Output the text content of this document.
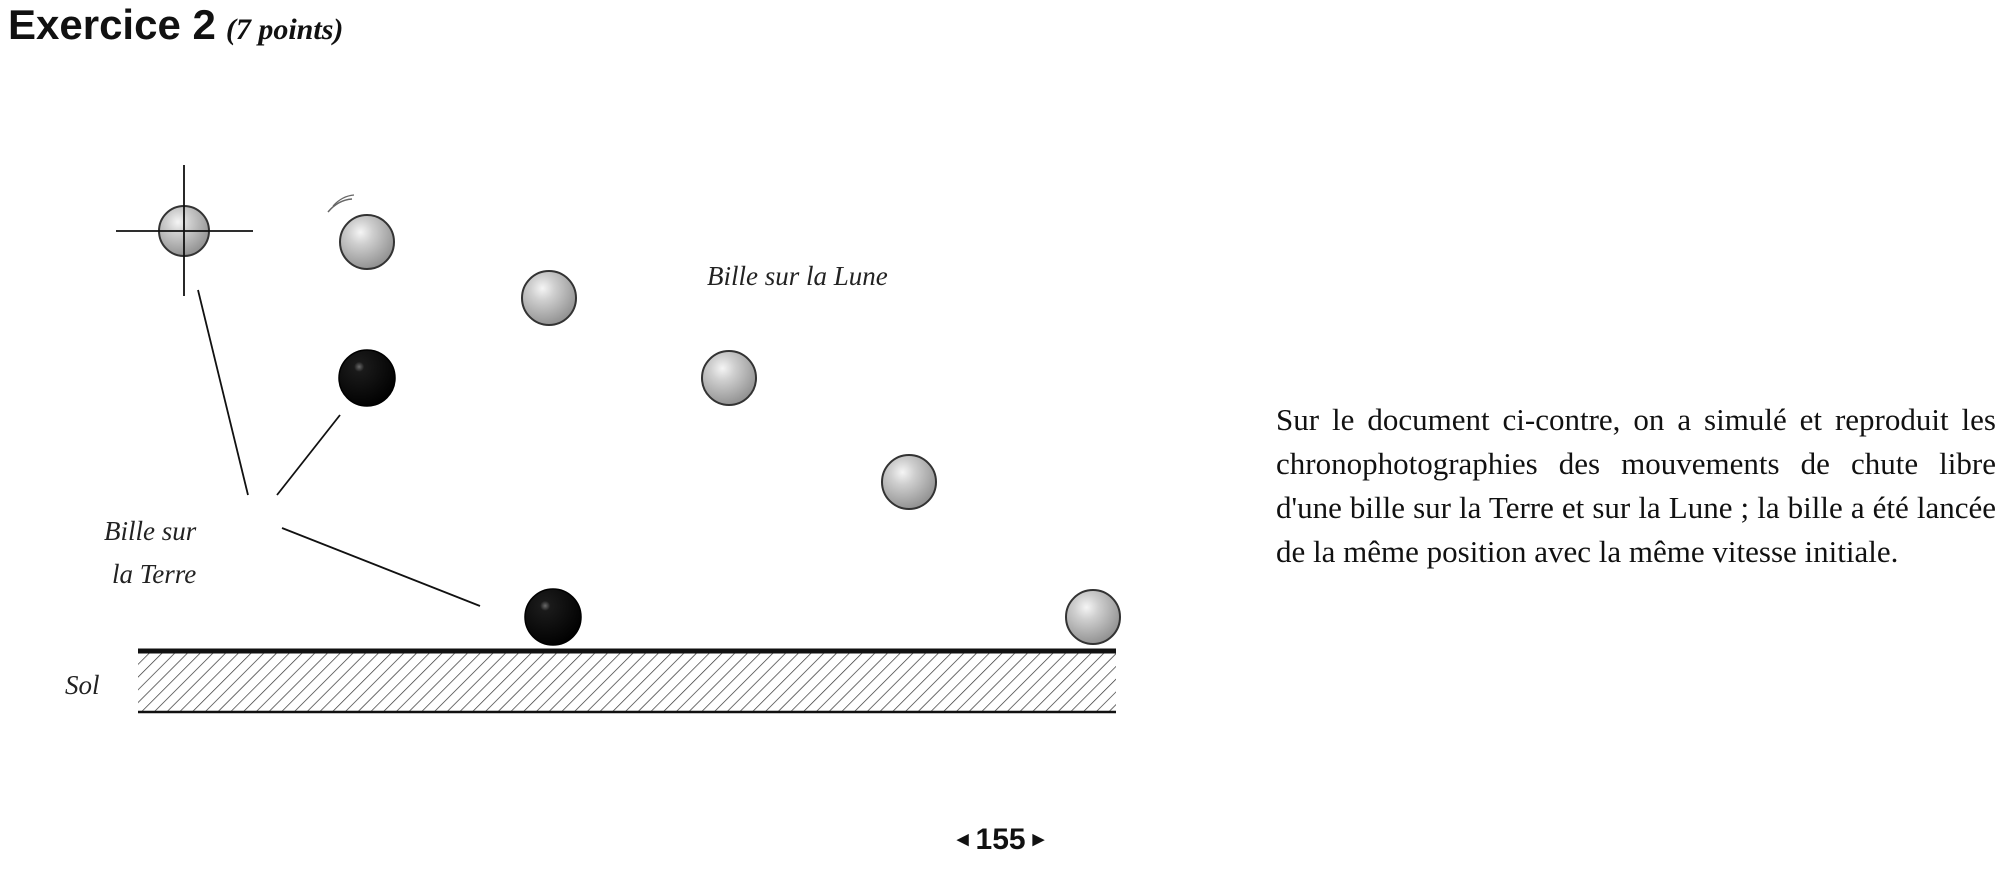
Exercice 2 (7 points)
Bille sur la Lune
Bille sur
la Terre
Sol

Sur le document ci-contre, on a simulé et reproduit les chronophotographies des mouvements de chute libre d'une bille sur la Terre et sur la Lune ; la bille a été lancée de la même position avec la même vitesse initiale.

◀ 155 ▶
